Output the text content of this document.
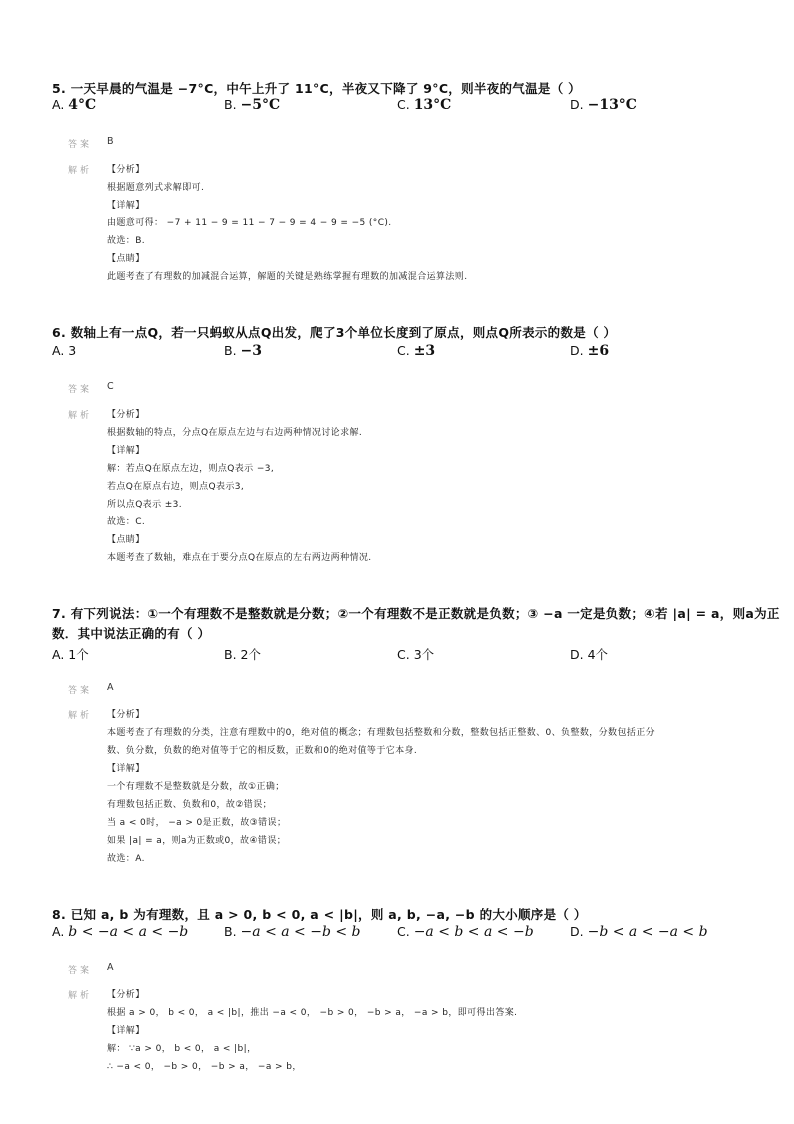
5. 一天早晨的气温是 −7°C，中午上升了 11°C，半夜又下降了 9°C，则半夜的气温是（ ）
A. 4°C	B. −5°C	C. 13°C	D. −13°C
答案 B
解析 【分析】
根据题意列式求解即可.
【详解】
由题意可得： −7 + 11 − 9 = 11 − 7 − 9 = 4 − 9 = −5 (°C).
故选：B.
【点睛】
此题考查了有理数的加减混合运算，解题的关键是熟练掌握有理数的加减混合运算法则.
6. 数轴上有一点Q，若一只蚂蚁从点Q出发，爬了3个单位长度到了原点，则点Q所表示的数是（ ）
A. 3	B. −3	C. ±3	D. ±6
答案 C
解析 【分析】
根据数轴的特点，分点Q在原点左边与右边两种情况讨论求解.
【详解】
解：若点Q在原点左边，则点Q表示 −3,
若点Q在原点右边，则点Q表示3,
所以点Q表示 ±3.
故选：C.
【点睛】
本题考查了数轴，难点在于要分点Q在原点的左右两边两种情况.
7. 有下列说法：①一个有理数不是整数就是分数；②一个有理数不是正数就是负数；③ −a 一定是负数；④若 |a| = a，则a为正
数．其中说法正确的有（ ）
A. 1个	B. 2个	C. 3个	D. 4个
答案 A
解析 【分析】
本题考查了有理数的分类，注意有理数中的0，绝对值的概念；有理数包括整数和分数，整数包括正整数、0、负整数，分数包括正分
数、负分数，负数的绝对值等于它的相反数，正数和0的绝对值等于它本身.
【详解】
一个有理数不是整数就是分数，故①正确；
有理数包括正数、负数和0，故②错误；
当 a < 0时， −a > 0是正数，故③错误；
如果 |a| = a，则a为正数或0，故④错误；
故选：A.
8. 已知 a, b 为有理数，且 a > 0, b < 0, a < |b|，则 a, b, −a, −b 的大小顺序是（ ）
A. b < −a < a < −b	B. −a < a < −b < b	C. −a < b < a < −b	D. −b < a < −a < b
答案 A
解析 【分析】
根据 a > 0， b < 0， a < |b|，推出 −a < 0， −b > 0， −b > a， −a > b，即可得出答案.
【详解】
解： ∵a > 0， b < 0， a < |b|，
∴ −a < 0， −b > 0， −b > a， −a > b，
